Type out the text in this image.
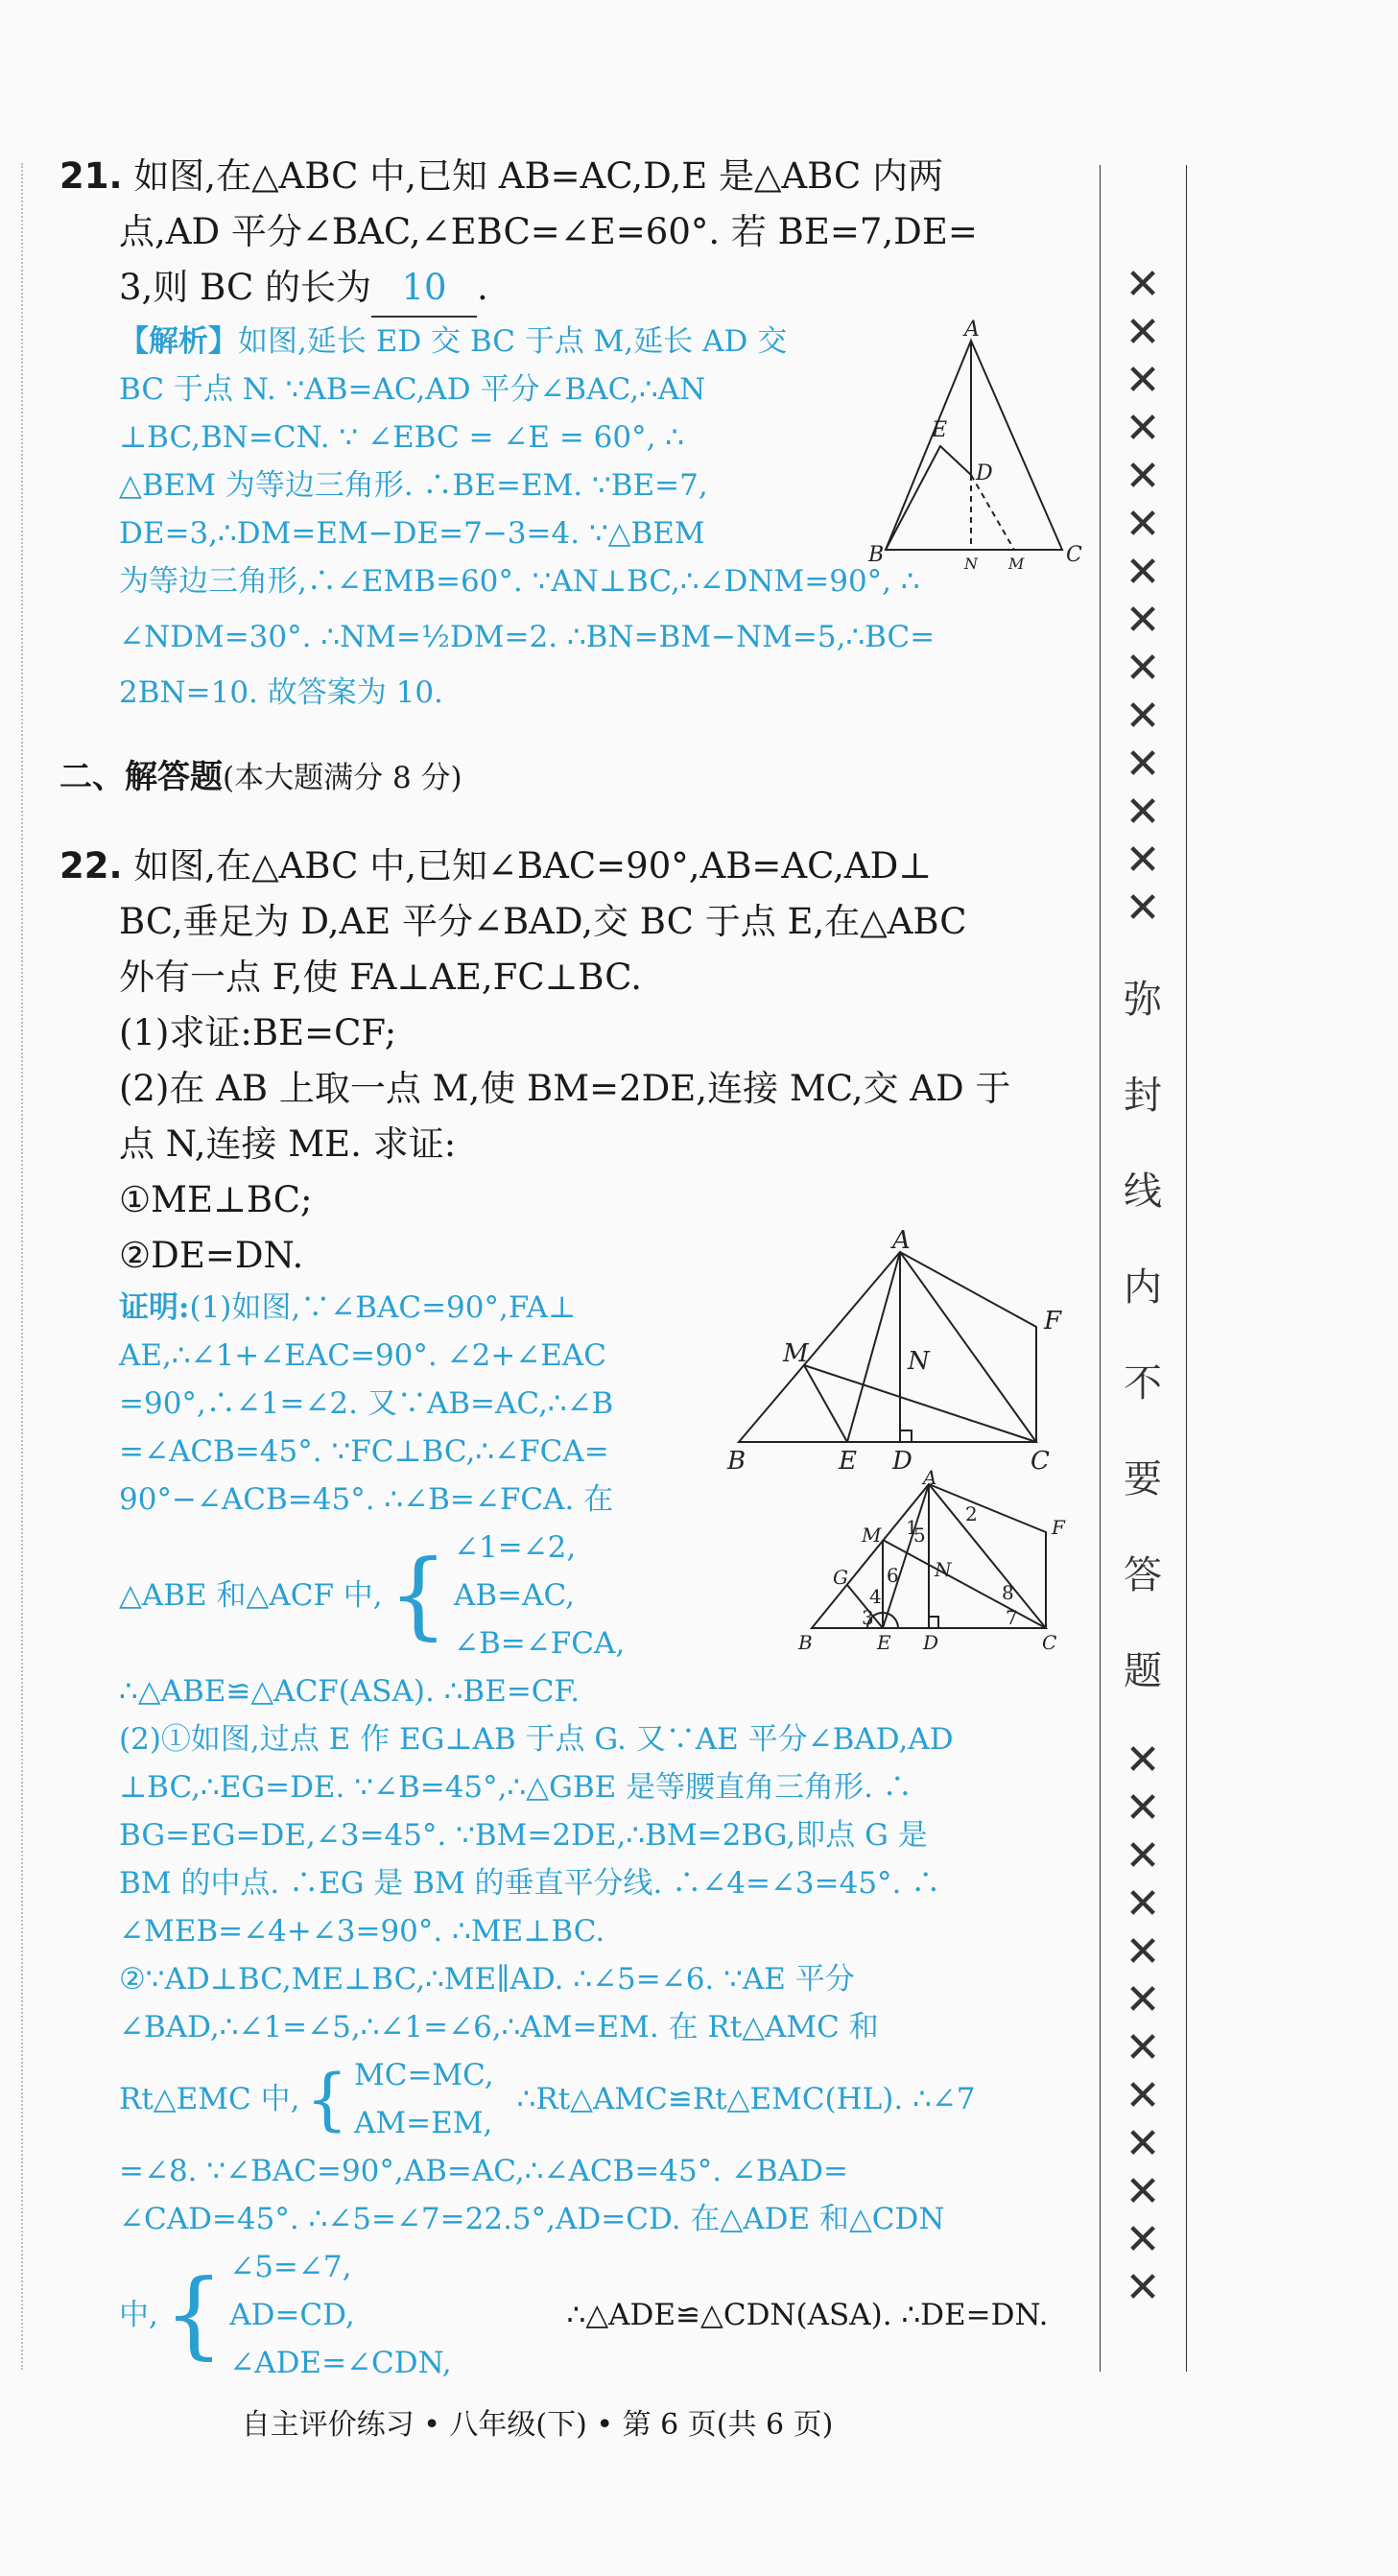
21. 如图,在△ABC 中,已知 AB=AC,D,E 是△ABC 内两

点,AD 平分∠BAC,∠EBC=∠E=60°. 若 BE=7,DE=

3,则 BC 的长为 10 .

【解析】如图,延长 ED 交 BC 于点 M,延长 AD 交
BC 于点 N. ∵AB=AC,AD 平分∠BAC,∴AN
⊥BC,BN=CN. ∵ ∠EBC = ∠E = 60°, ∴
△BEM 为等边三角形. ∴BE=EM. ∵BE=7,
DE=3,∴DM=EM−DE=7−3=4. ∵△BEM
为等边三角形,∴∠EMB=60°. ∵AN⊥BC,∴∠DNM=90°, ∴
∠NDM=30°. ∴NM=½DM=2. ∴BN=BM−NM=5,∴BC=
2BN=10. 故答案为 10.

二、解答题(本大题满分 8 分)

22. 如图,在△ABC 中,已知∠BAC=90°,AB=AC,AD⊥

BC,垂足为 D,AE 平分∠BAD,交 BC 于点 E,在△ABC

外有一点 F,使 FA⊥AE,FC⊥BC.

(1)求证:BE=CF;

(2)在 AB 上取一点 M,使 BM=2DE,连接 MC,交 AD 于

点 N,连接 ME. 求证:

①ME⊥BC;

②DE=DN.

证明:(1)如图,∵∠BAC=90°,FA⊥
AE,∴∠1+∠EAC=90°. ∠2+∠EAC
=90°,∴∠1=∠2. 又∵AB=AC,∴∠B
=∠ACB=45°. ∵FC⊥BC,∴∠FCA=
90°−∠ACB=45°. ∴∠B=∠FCA. 在
△ABE 和△ACF 中, { ∠1=∠2,
AB=AC,
∠B=∠FCA,
∴△ABE≌△ACF(ASA). ∴BE=CF.
(2)①如图,过点 E 作 EG⊥AB 于点 G. 又∵AE 平分∠BAD,AD
⊥BC,∴EG=DE. ∵∠B=45°,∴△GBE 是等腰直角三角形. ∴
BG=EG=DE,∠3=45°. ∵BM=2DE,∴BM=2BG,即点 G 是
BM 的中点. ∴EG 是 BM 的垂直平分线. ∴∠4=∠3=45°. ∴
∠MEB=∠4+∠3=90°. ∴ME⊥BC.
②∵AD⊥BC,ME⊥BC,∴ME∥AD. ∴∠5=∠6. ∵AE 平分
∠BAD,∴∠1=∠5,∴∠1=∠6,∴AM=EM. 在 Rt△AMC 和
Rt△EMC 中, { MC=MC,
AM=EM,
∴Rt△AMC≌Rt△EMC(HL). ∴∠7
=∠8. ∵∠BAC=90°,AB=AC,∴∠ACB=45°. ∠BAD=
∠CAD=45°. ∴∠5=∠7=22.5°,AD=CD. 在△ADE 和△CDN
中, { ∠5=∠7,
AD=CD,
∠ADE=∠CDN,
∴△ADE≌△CDN(ASA). ∴DE=DN.
A
E
D
B	N M C
A
M	N
F
B	E D	C
A
M
G	N
F
B	E D	C
1
2
3
4
5
6
7
8
✕
✕
✕
✕
✕
✕
✕
✕
✕
✕
✕
✕
✕
✕
弥
封
线
内
不
要
答
题
✕
✕
✕
✕
✕
✕
✕
✕
✕
✕
✕
✕
自主评价练习 • 八年级(下) • 第 6 页(共 6 页)
